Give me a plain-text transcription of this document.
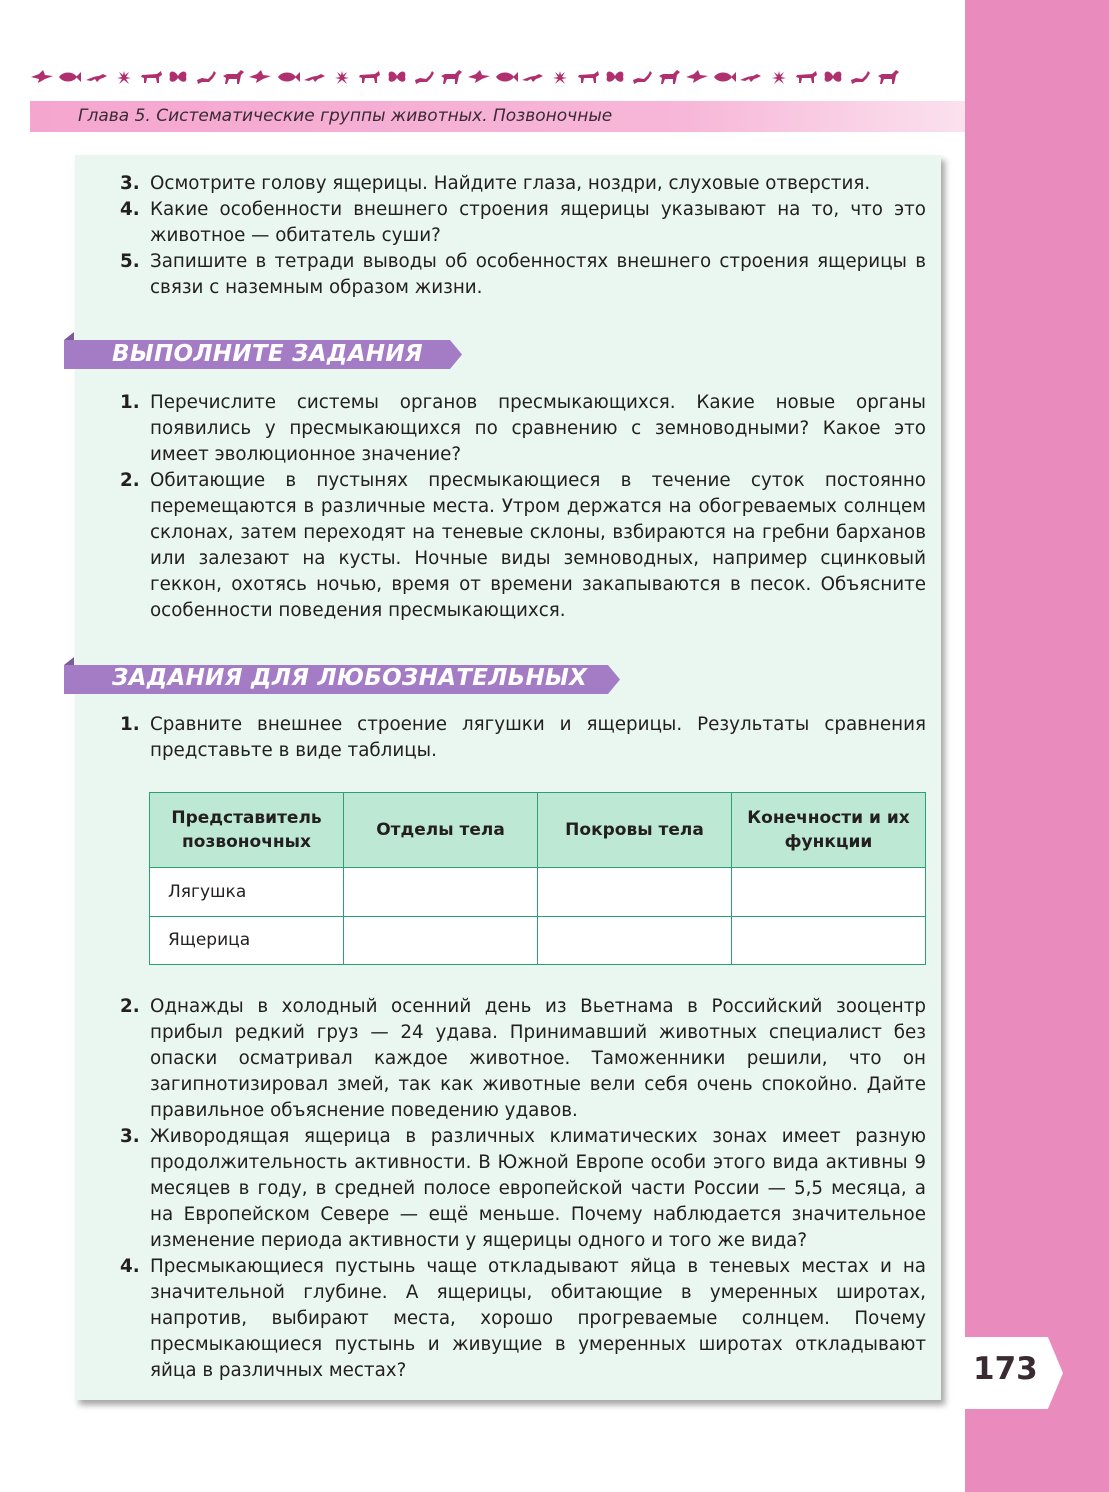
Глава 5. Систематические группы животных. Позвоночные
3. Осмотрите голову ящерицы. Найдите глаза, ноздри, слуховые отверстия.
4. Какие особенности внешнего строения ящерицы указывают на то, что это животное — обитатель суши?
5. Запишите в тетради выводы об особенностях внешнего строения ящерицы в связи с наземным образом жизни.
ВЫПОЛНИТЕ ЗАДАНИЯ
1. Перечислите системы органов пресмыкающихся. Какие новые органы появились у пресмыкающихся по сравнению с земноводными? Какое это имеет эволюционное значение?
2. Обитающие в пустынях пресмыкающиеся в течение суток постоянно перемещаются в различные места. Утром держатся на обогреваемых солнцем склонах, затем переходят на теневые склоны, взбираются на гребни барханов или залезают на кусты. Ночные виды земноводных, например сцинковый геккон, охотясь ночью, время от времени закапываются в песок. Объясните особенности поведения пресмыкающихся.
ЗАДАНИЯ ДЛЯ ЛЮБОЗНАТЕЛЬНЫХ
1. Сравните внешнее строение лягушки и ящерицы. Результаты сравнения представьте в виде таблицы.
Представитель позвоночных	Отделы тела	Покровы тела	Конечности и их функции
Лягушка			
Ящерица			
2. Однажды в холодный осенний день из Вьетнама в Российский зооцентр прибыл редкий груз — 24 удава. Принимавший животных специалист без опаски осматривал каждое животное. Таможенники решили, что он загипнотизировал змей, так как животные вели себя очень спокойно. Дайте правильное объяснение поведению удавов.
3. Живородящая ящерица в различных климатических зонах имеет разную продолжительность активности. В Южной Европе особи этого вида активны 9 месяцев в году, в средней полосе европейской части России — 5,5 месяца, а на Европейском Севере — ещё меньше. Почему наблюдается значительное изменение периода активности у ящерицы одного и того же вида?
4. Пресмыкающиеся пустынь чаще откладывают яйца в теневых местах и на значительной глубине. А ящерицы, обитающие в умеренных широтах, напротив, выбирают места, хорошо прогреваемые солнцем. Почему пресмыкающиеся пустынь и живущие в умеренных широтах откладывают яйца в различных местах?	173
